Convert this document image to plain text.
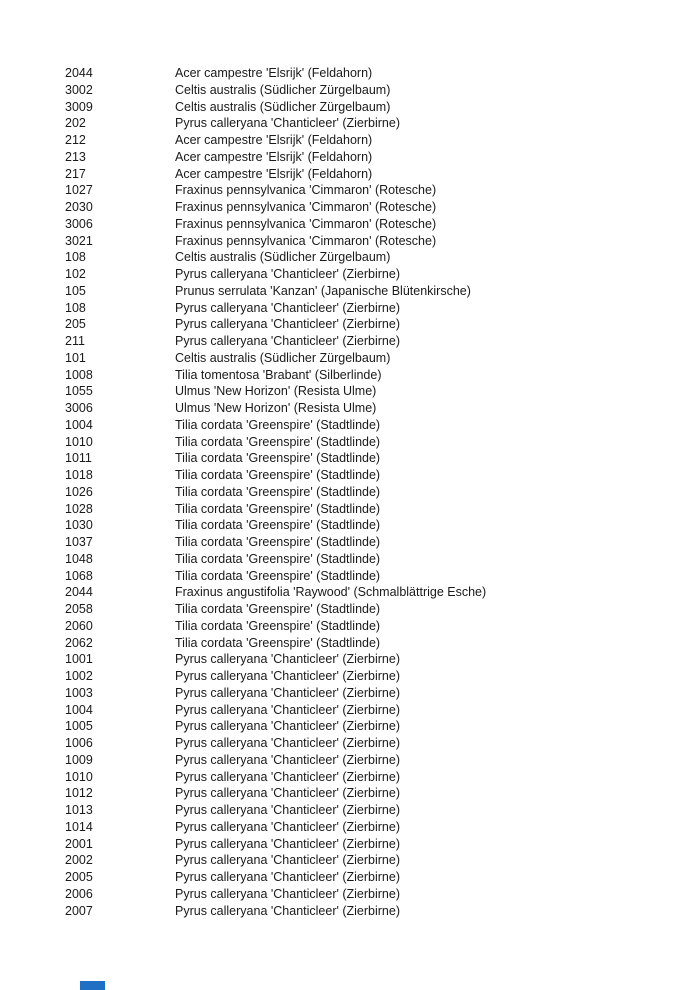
2044	Acer campestre 'Elsrijk' (Feldahorn)
3002	Celtis australis (Südlicher Zürgelbaum)
3009	Celtis australis (Südlicher Zürgelbaum)
202	Pyrus calleryana 'Chanticleer' (Zierbirne)
212	Acer campestre 'Elsrijk' (Feldahorn)
213	Acer campestre 'Elsrijk' (Feldahorn)
217	Acer campestre 'Elsrijk' (Feldahorn)
1027	Fraxinus pennsylvanica 'Cimmaron' (Rotesche)
2030	Fraxinus pennsylvanica 'Cimmaron' (Rotesche)
3006	Fraxinus pennsylvanica 'Cimmaron' (Rotesche)
3021	Fraxinus pennsylvanica 'Cimmaron' (Rotesche)
108	Celtis australis (Südlicher Zürgelbaum)
102	Pyrus calleryana 'Chanticleer' (Zierbirne)
105	Prunus serrulata 'Kanzan' (Japanische Blütenkirsche)
108	Pyrus calleryana 'Chanticleer' (Zierbirne)
205	Pyrus calleryana 'Chanticleer' (Zierbirne)
211	Pyrus calleryana 'Chanticleer' (Zierbirne)
101	Celtis australis (Südlicher Zürgelbaum)
1008	Tilia tomentosa 'Brabant' (Silberlinde)
1055	Ulmus 'New Horizon' (Resista Ulme)
3006	Ulmus 'New Horizon' (Resista Ulme)
1004	Tilia cordata 'Greenspire' (Stadtlinde)
1010	Tilia cordata 'Greenspire' (Stadtlinde)
1011	Tilia cordata 'Greenspire' (Stadtlinde)
1018	Tilia cordata 'Greenspire' (Stadtlinde)
1026	Tilia cordata 'Greenspire' (Stadtlinde)
1028	Tilia cordata 'Greenspire' (Stadtlinde)
1030	Tilia cordata 'Greenspire' (Stadtlinde)
1037	Tilia cordata 'Greenspire' (Stadtlinde)
1048	Tilia cordata 'Greenspire' (Stadtlinde)
1068	Tilia cordata 'Greenspire' (Stadtlinde)
2044	Fraxinus angustifolia 'Raywood' (Schmalblättrige Esche)
2058	Tilia cordata 'Greenspire' (Stadtlinde)
2060	Tilia cordata 'Greenspire' (Stadtlinde)
2062	Tilia cordata 'Greenspire' (Stadtlinde)
1001	Pyrus calleryana 'Chanticleer' (Zierbirne)
1002	Pyrus calleryana 'Chanticleer' (Zierbirne)
1003	Pyrus calleryana 'Chanticleer' (Zierbirne)
1004	Pyrus calleryana 'Chanticleer' (Zierbirne)
1005	Pyrus calleryana 'Chanticleer' (Zierbirne)
1006	Pyrus calleryana 'Chanticleer' (Zierbirne)
1009	Pyrus calleryana 'Chanticleer' (Zierbirne)
1010	Pyrus calleryana 'Chanticleer' (Zierbirne)
1012	Pyrus calleryana 'Chanticleer' (Zierbirne)
1013	Pyrus calleryana 'Chanticleer' (Zierbirne)
1014	Pyrus calleryana 'Chanticleer' (Zierbirne)
2001	Pyrus calleryana 'Chanticleer' (Zierbirne)
2002	Pyrus calleryana 'Chanticleer' (Zierbirne)
2005	Pyrus calleryana 'Chanticleer' (Zierbirne)
2006	Pyrus calleryana 'Chanticleer' (Zierbirne)
2007	Pyrus calleryana 'Chanticleer' (Zierbirne)
